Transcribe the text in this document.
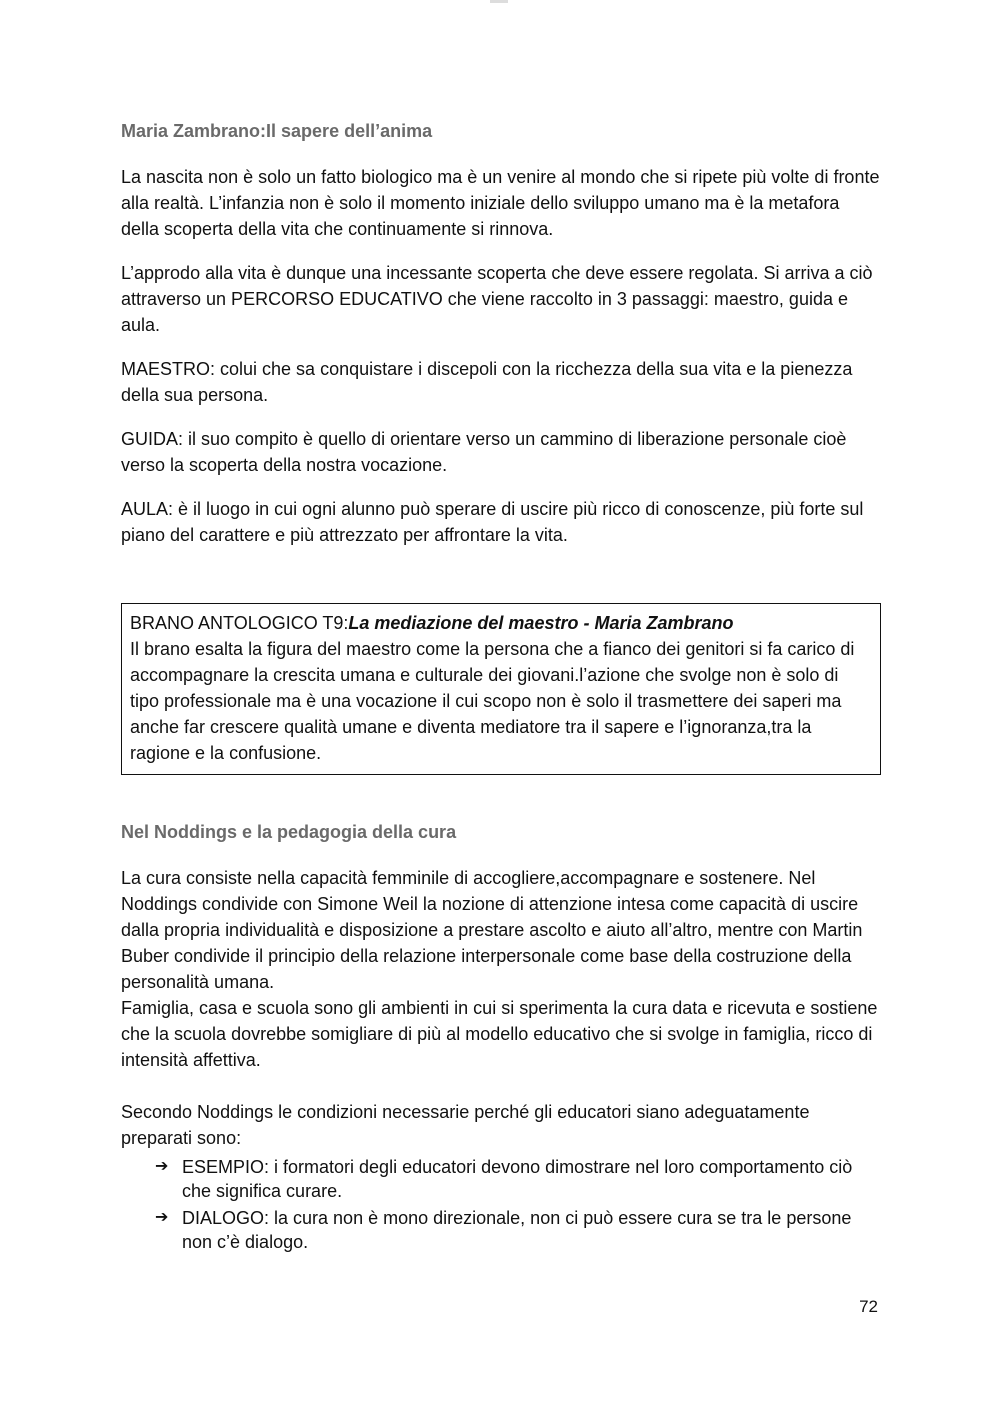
Maria Zambrano:Il sapere dell’anima

La nascita non è solo un fatto biologico ma è un venire al mondo che si ripete più volte di fronte alla realtà. L’infanzia non è solo il momento iniziale dello sviluppo umano ma è la metafora della scoperta della vita che continuamente si rinnova.

L’approdo alla vita è dunque una incessante scoperta che deve essere regolata. Si arriva a ciò attraverso un PERCORSO EDUCATIVO che viene raccolto in 3 passaggi: maestro, guida e aula.

MAESTRO: colui che sa conquistare i discepoli con la ricchezza della sua vita e la pienezza della sua persona.

GUIDA: il suo compito è quello di orientare verso un cammino di liberazione personale cioè verso la scoperta della nostra vocazione.

AULA: è il luogo in cui ogni alunno può sperare di uscire più ricco di conoscenze, più forte sul piano del carattere e più attrezzato per affrontare la vita.

BRANO ANTOLOGICO T9:La mediazione del maestro - Maria Zambrano
Il brano esalta la figura del maestro come la persona che a fianco dei genitori si fa carico di accompagnare la crescita umana e culturale dei giovani.l’azione che svolge non è solo di tipo professionale ma è una vocazione il cui scopo non è solo il trasmettere dei saperi ma anche far crescere qualità umane e diventa mediatore tra il sapere e l’ignoranza,tra la ragione e la confusione.
Nel Noddings e la pedagogia della cura

La cura consiste nella capacità femminile di accogliere,accompagnare e sostenere. Nel Noddings condivide con Simone Weil la nozione di attenzione intesa come capacità di uscire dalla propria individualità e disposizione a prestare ascolto e aiuto all’altro, mentre con Martin Buber condivide il principio della relazione interpersonale come base della costruzione della personalità umana.

Famiglia, casa e scuola sono gli ambienti in cui si sperimenta la cura data e ricevuta e sostiene che la scuola dovrebbe somigliare di più al modello educativo che si svolge in famiglia, ricco di intensità affettiva.

Secondo Noddings le condizioni necessarie perché gli educatori siano adeguatamente preparati sono:

➔ ESEMPIO: i formatori degli educatori devono dimostrare nel loro comportamento ciò che significa curare.
➔ DIALOGO: la cura non è mono direzionale, non ci può essere cura se tra le persone non c’è dialogo.
72
